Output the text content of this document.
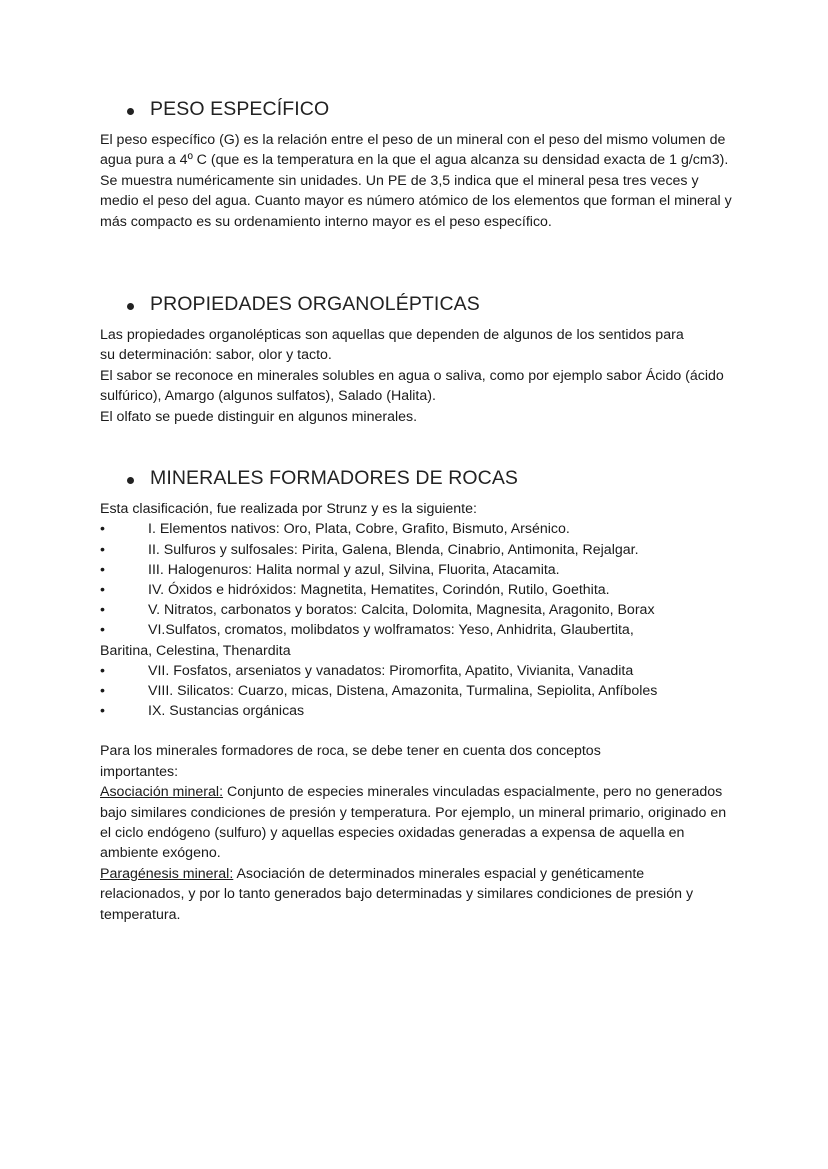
PESO ESPECÍFICO

El peso específico (G) es la relación entre el peso de un mineral con el peso del mismo volumen de agua pura a 4º C (que es la temperatura en la que el agua alcanza su densidad exacta de 1 g/cm3). Se muestra numéricamente sin unidades. Un PE de 3,5 indica que el mineral pesa tres veces y medio el peso del agua. Cuanto mayor es número atómico de los elementos que forman el mineral y más compacto es su ordenamiento interno mayor es el peso específico.

PROPIEDADES ORGANOLÉPTICAS

Las propiedades organolépticas son aquellas que dependen de algunos de los sentidos para su determinación: sabor, olor y tacto.

El sabor se reconoce en minerales solubles en agua o saliva, como por ejemplo sabor Ácido (ácido sulfúrico), Amargo (algunos sulfatos), Salado (Halita).

El olfato se puede distinguir en algunos minerales.

MINERALES FORMADORES DE ROCAS

Esta clasificación, fue realizada por Strunz y es la siguiente:

•	I. Elementos nativos: Oro, Plata, Cobre, Grafito, Bismuto, Arsénico.
•	II. Sulfuros y sulfosales: Pirita, Galena, Blenda, Cinabrio, Antimonita, Rejalgar.
•	III. Halogenuros: Halita normal y azul, Silvina, Fluorita, Atacamita.
•	IV. Óxidos e hidróxidos: Magnetita, Hematites, Corindón, Rutilo, Goethita.
•	V. Nitratos, carbonatos y boratos: Calcita, Dolomita, Magnesita, Aragonito, Borax
•	VI.Sulfatos, cromatos, molibdatos y wolframatos: Yeso, Anhidrita, Glaubertita,
Baritina, Celestina, Thenardita
•	VII. Fosfatos, arseniatos y vanadatos: Piromorfita, Apatito, Vivianita, Vanadita
•	VIII. Silicatos: Cuarzo, micas, Distena, Amazonita, Turmalina, Sepiolita, Anfíboles
•	IX. Sustancias orgánicas

Para los minerales formadores de roca, se debe tener en cuenta dos conceptos importantes:

Asociación mineral: Conjunto de especies minerales vinculadas espacialmente, pero no generados bajo similares condiciones de presión y temperatura. Por ejemplo, un mineral primario, originado en el ciclo endógeno (sulfuro) y aquellas especies oxidadas generadas a expensa de aquella en ambiente exógeno.

Paragénesis mineral: Asociación de determinados minerales espacial y genéticamente relacionados, y por lo tanto generados bajo determinadas y similares condiciones de presión y temperatura.
